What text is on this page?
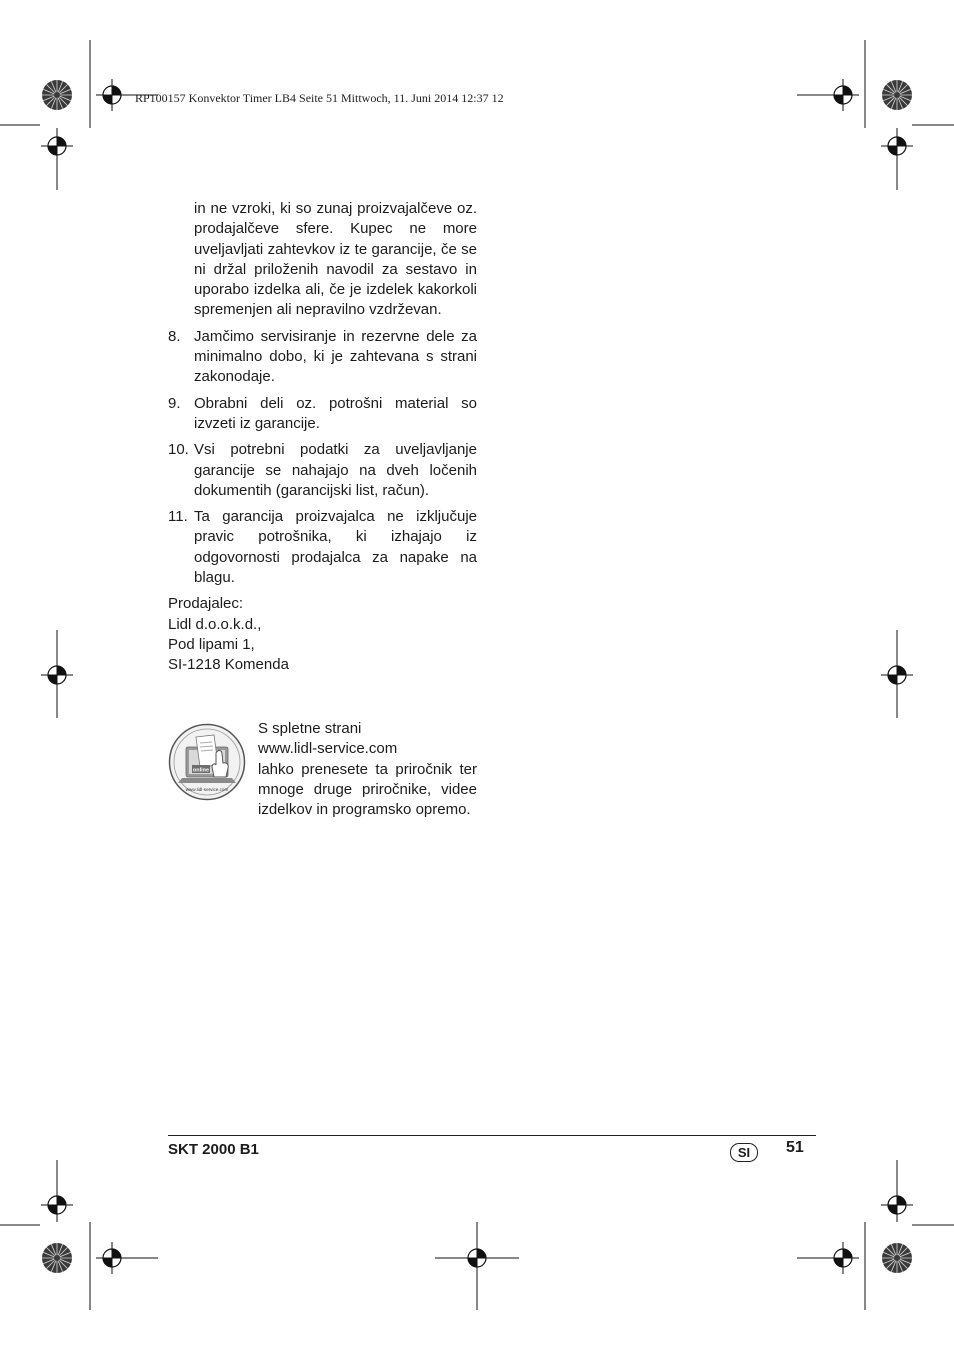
RP100157 Konvektor Timer LB4 Seite 51 Mittwoch, 11. Juni 2014 12:37 12
in ne vzroki, ki so zunaj proizvajalčeve oz. prodajalčeve sfere. Kupec ne more uveljavljati zahtevkov iz te garancije, če se ni držal priloženih navodil za sestavo in uporabo izdelka ali, če je izdelek kakorkoli spremenjen ali nepravilno vzdrževan.
8. Jamčimo servisiranje in rezervne dele za minimalno dobo, ki je zahtevana s strani zakonodaje.
9. Obrabni deli oz. potrošni material so izvzeti iz garancije.
10. Vsi potrebni podatki za uveljavljanje garancije se nahajajo na dveh ločenih dokumentih (garancijski list, račun).
11. Ta garancija proizvajalca ne izključuje pravic potrošnika, ki izhajajo iz odgovornosti prodajalca za napake na blagu.
Prodajalec:
Lidl d.o.o.k.d.,
Pod lipami 1,
SI-1218 Komenda
online
www.lidl-service.com
S spletne strani
www.lidl-service.com
lahko prenesete ta priročnik ter mnoge druge priročnike, videe izdelkov in programsko opremo.
SKT 2000 B1	SI	51
